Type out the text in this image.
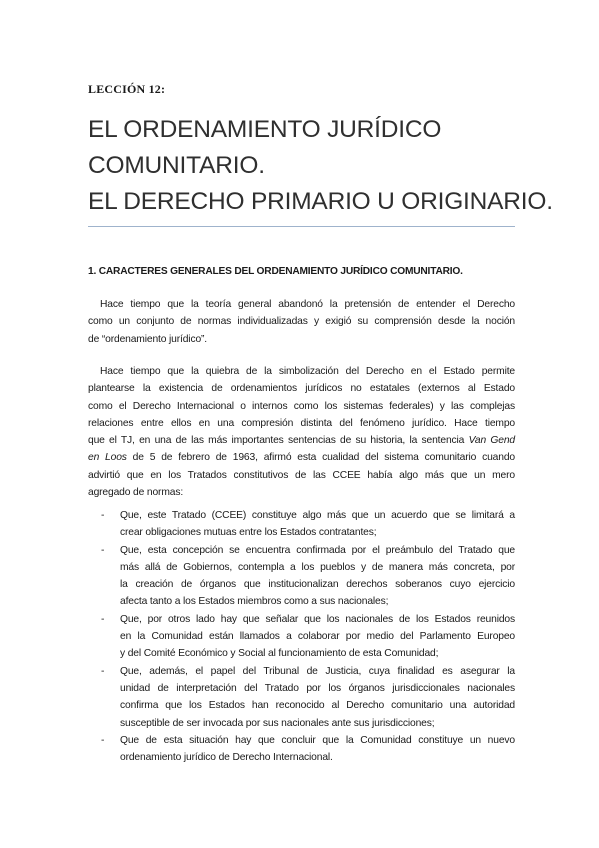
LECCIÓN 12:
EL ORDENAMIENTO JURÍDICO
COMUNITARIO.
EL DERECHO PRIMARIO U ORIGINARIO.
1. CARACTERES GENERALES DEL ORDENAMIENTO JURÍDICO COMUNITARIO.
Hace tiempo que la teoría general abandonó la pretensión de entender el Derecho
como un conjunto de normas individualizadas y exigió su comprensión desde la noción
de “ordenamiento jurídico”.
Hace tiempo que la quiebra de la simbolización del Derecho en el Estado permite
plantearse la existencia de ordenamientos jurídicos no estatales (externos al Estado
como el Derecho Internacional o internos como los sistemas federales) y las complejas
relaciones entre ellos en una compresión distinta del fenómeno jurídico. Hace tiempo
que el TJ, en una de las más importantes sentencias de su historia, la sentencia Van Gend
en Loos de 5 de febrero de 1963, afirmó esta cualidad del sistema comunitario cuando
advirtió que en los Tratados constitutivos de las CCEE había algo más que un mero
agregado de normas:
- Que, este Tratado (CCEE) constituye algo más que un acuerdo que se limitará a
crear obligaciones mutuas entre los Estados contratantes;
- Que, esta concepción se encuentra confirmada por el preámbulo del Tratado que
más allá de Gobiernos, contempla a los pueblos y de manera más concreta, por
la creación de órganos que institucionalizan derechos soberanos cuyo ejercicio
afecta tanto a los Estados miembros como a sus nacionales;
- Que, por otros lado hay que señalar que los nacionales de los Estados reunidos
en la Comunidad están llamados a colaborar por medio del Parlamento Europeo
y del Comité Económico y Social al funcionamiento de esta Comunidad;
- Que, además, el papel del Tribunal de Justicia, cuya finalidad es asegurar la
unidad de interpretación del Tratado por los órganos jurisdiccionales nacionales
confirma que los Estados han reconocido al Derecho comunitario una autoridad
susceptible de ser invocada por sus nacionales ante sus jurisdicciones;
- Que de esta situación hay que concluir que la Comunidad constituye un nuevo
ordenamiento jurídico de Derecho Internacional.
